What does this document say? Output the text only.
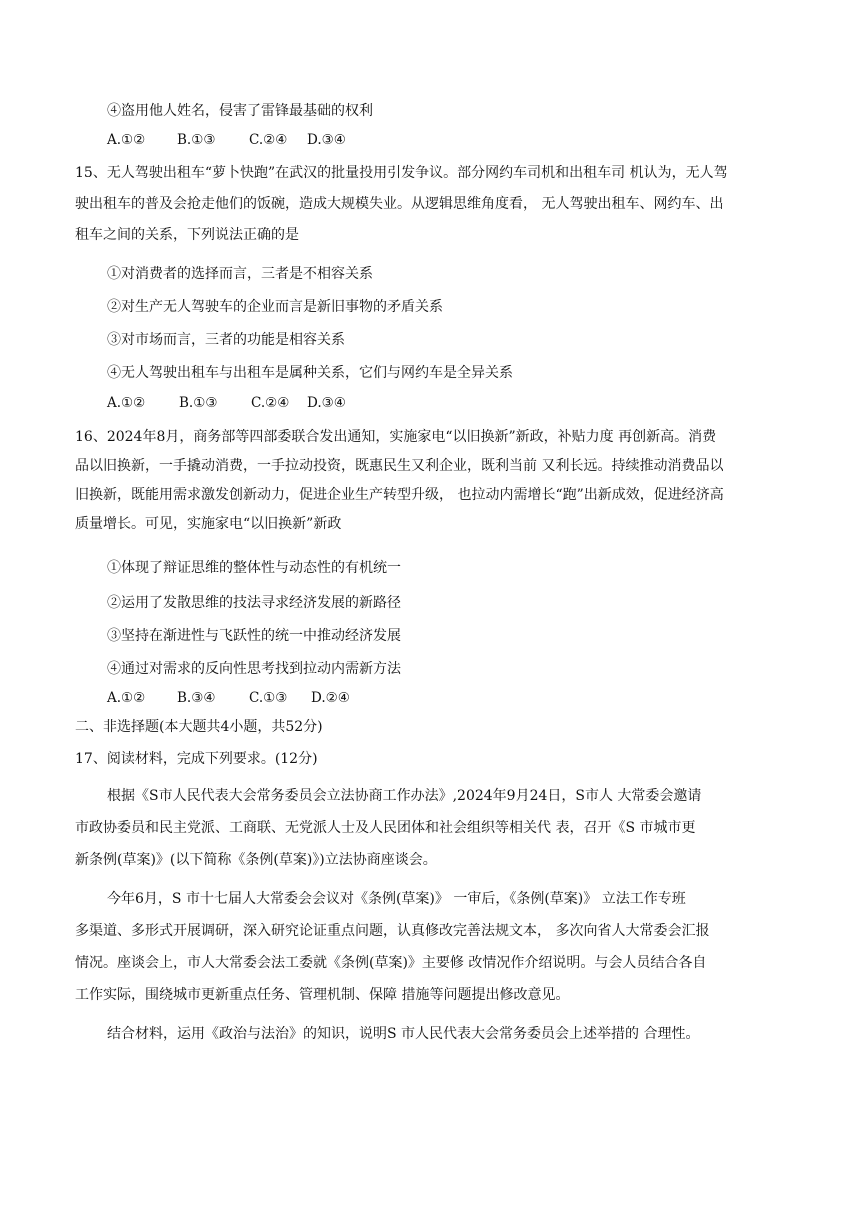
④盗用他人姓名，侵害了雷锋最基础的权利
A.①② B.①③ C.②④ D.③④
15、无人驾驶出租车“萝卜快跑”在武汉的批量投用引发争议。部分网约车司机和出租车司 机认为，无人驾
驶出租车的普及会抢走他们的饭碗，造成大规模失业。从逻辑思维角度看， 无人驾驶出租车、网约车、出
租车之间的关系，下列说法正确的是
①对消费者的选择而言，三者是不相容关系
②对生产无人驾驶车的企业而言是新旧事物的矛盾关系
③对市场而言，三者的功能是相容关系
④无人驾驶出租车与出租车是属种关系，它们与网约车是全异关系
A.①②	B.①③ C.②④ D.③④
16、2024年8月，商务部等四部委联合发出通知，实施家电“以旧换新”新政，补贴力度 再创新高。消费
品以旧换新，一手撬动消费，一手拉动投资，既惠民生又利企业，既利当前 又利长远。持续推动消费品以
旧换新，既能用需求激发创新动力，促进企业生产转型升级， 也拉动内需增长“跑”出新成效，促进经济高
质量增长。可见，实施家电“以旧换新”新政
①体现了辩证思维的整体性与动态性的有机统一
②运用了发散思维的技法寻求经济发展的新路径
③坚持在渐进性与飞跃性的统一中推动经济发展
④通过对需求的反向性思考找到拉动内需新方法
A.①② B.③④ C.①③ D.②④
二、非选择题(本大题共4小题，共52分)
17、阅读材料，完成下列要求。(12分)
根据《S市人民代表大会常务委员会立法协商工作办法》,2024年9月24日，S市人 大常委会邀请
市政协委员和民主党派、工商联、无党派人士及人民团体和社会组织等相关代 表，召开《S 市城市更
新条例(草案)》(以下简称《条例(草案)》)立法协商座谈会。
今年6月，S 市十七届人大常委会会议对《条例(草案)》 一审后，《条例(草案)》 立法工作专班
多渠道、多形式开展调研，深入研究论证重点问题，认真修改完善法规文本， 多次向省人大常委会汇报
情况。座谈会上，市人大常委会法工委就《条例(草案)》主要修 改情况作介绍说明。与会人员结合各自
工作实际，围绕城市更新重点任务、管理机制、保障 措施等问题提出修改意见。
结合材料，运用《政治与法治》的知识，说明S 市人民代表大会常务委员会上述举措的 合理性。
